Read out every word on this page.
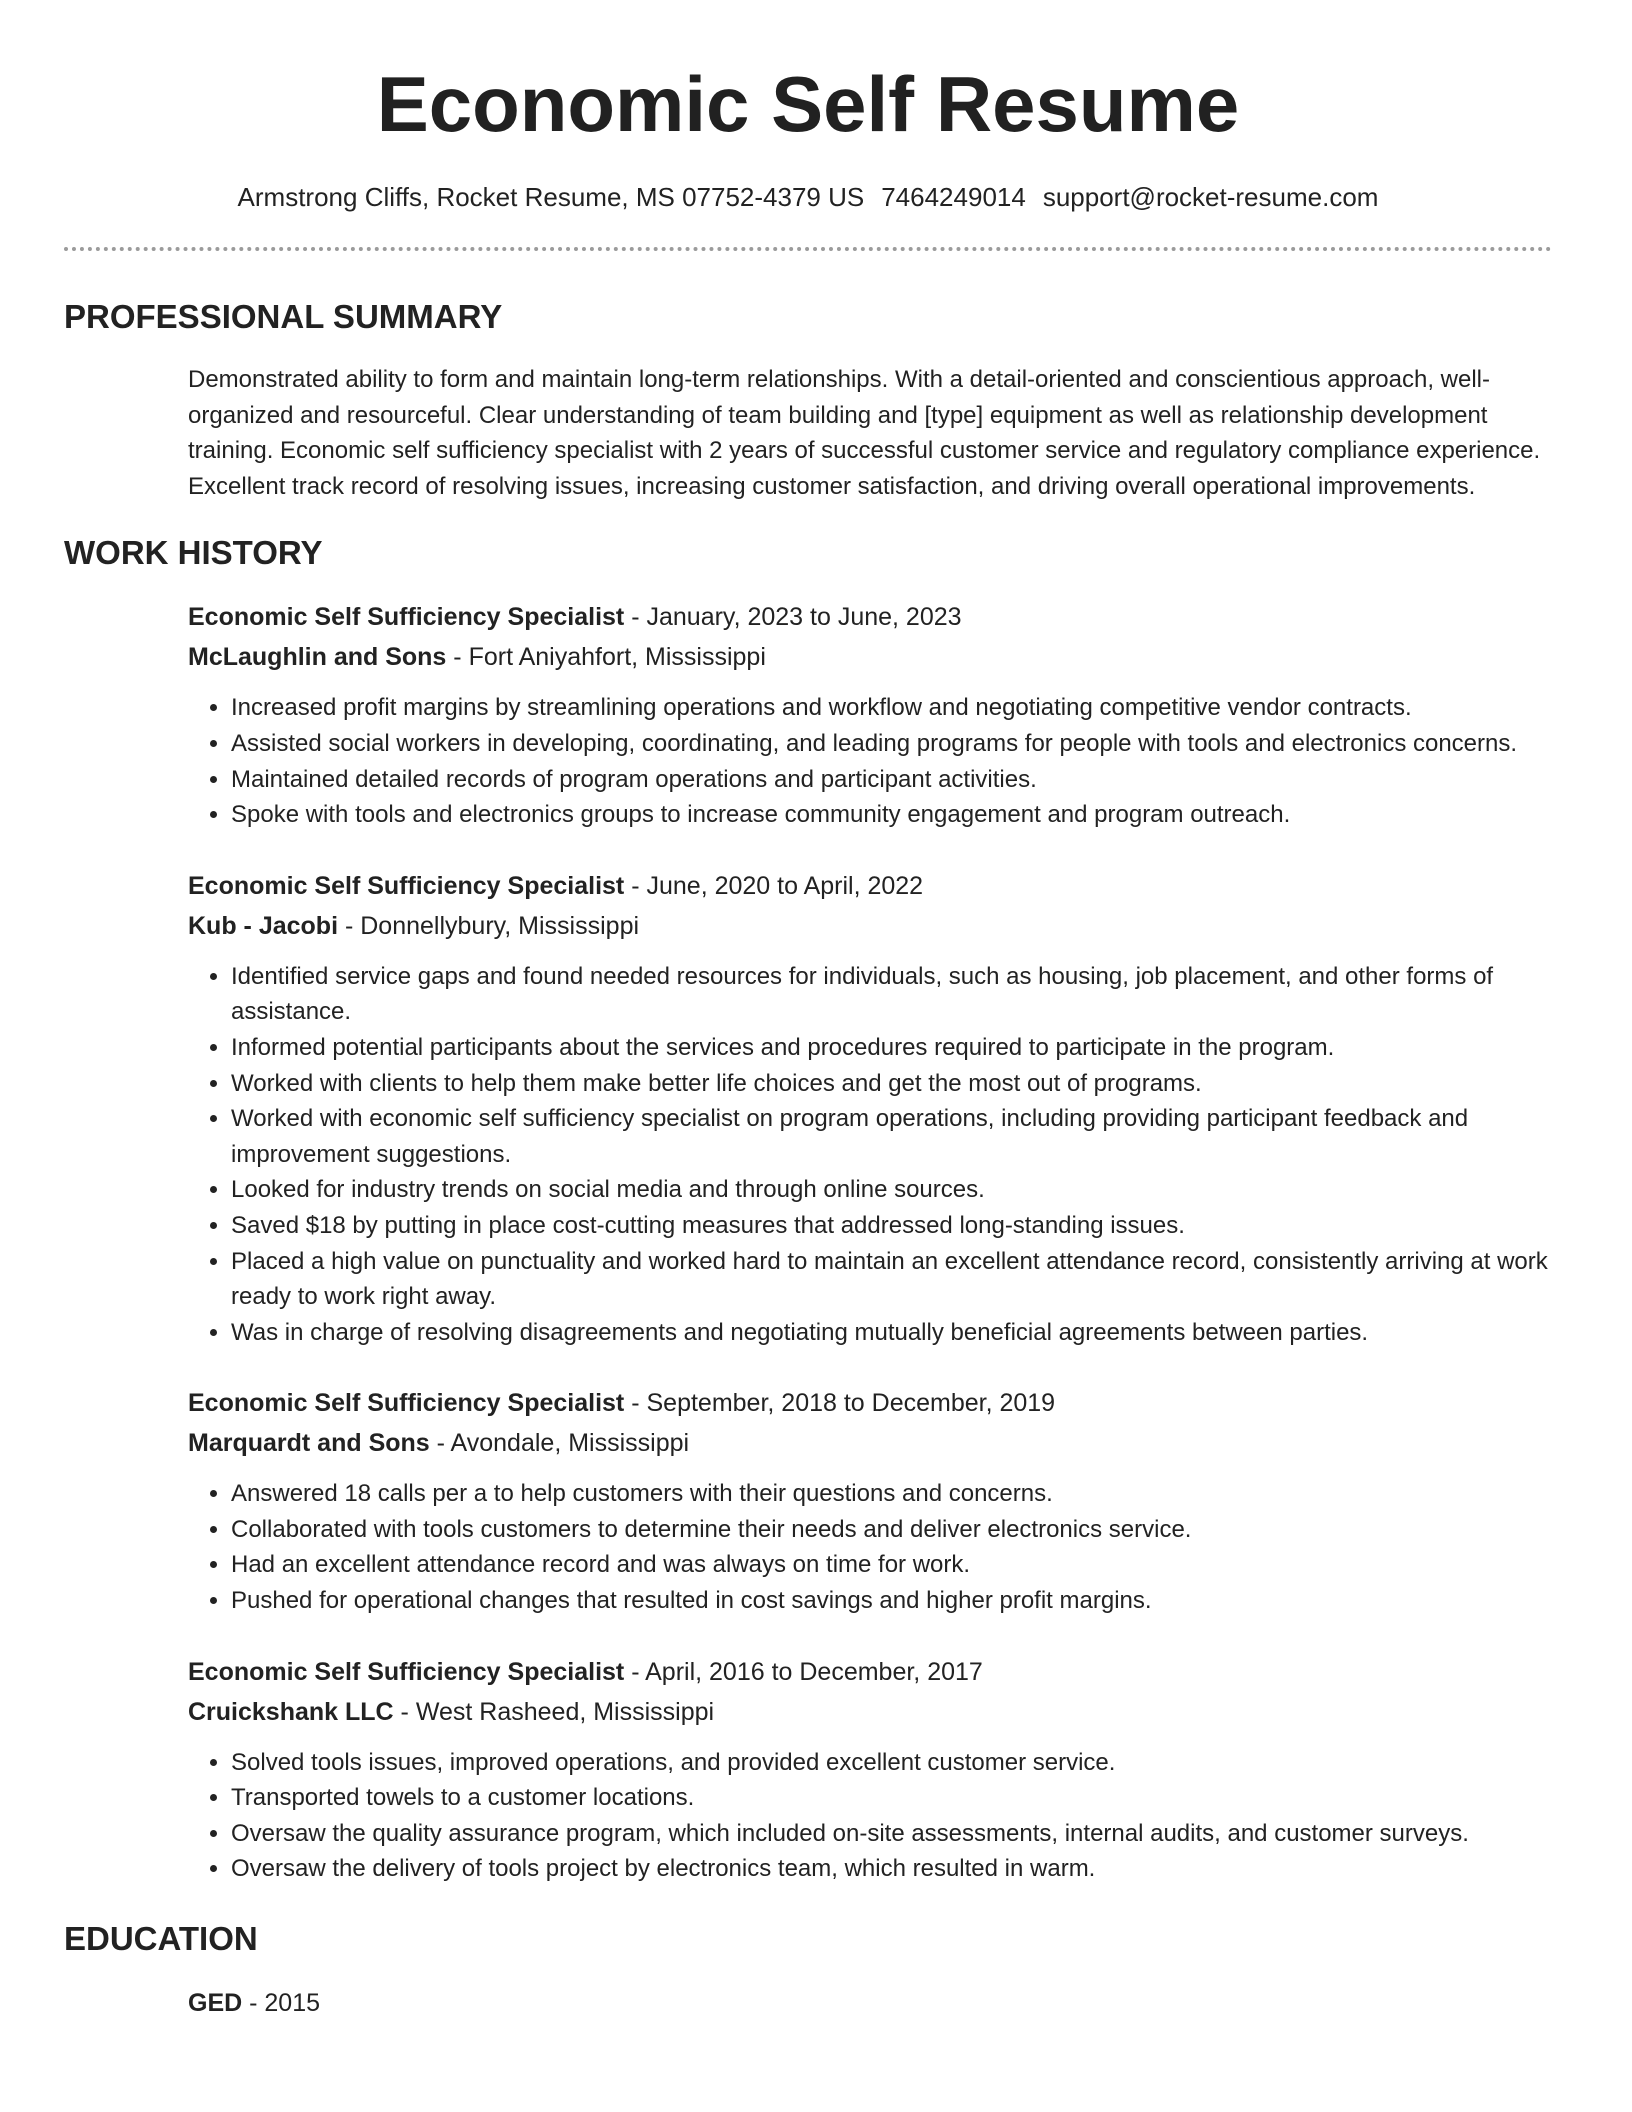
Economic Self Resume
Armstrong Cliffs, Rocket Resume, MS 07752-4379 US 7464249014 support@rocket-resume.com
PROFESSIONAL SUMMARY

Demonstrated ability to form and maintain long-term relationships. With a detail-oriented and conscientious approach, well-organized and resourceful. Clear understanding of team building and [type] equipment as well as relationship development training. Economic self sufficiency specialist with 2 years of successful customer service and regulatory compliance experience. Excellent track record of resolving issues, increasing customer satisfaction, and driving overall operational improvements.

WORK HISTORY
Economic Self Sufficiency Specialist - January, 2023 to June, 2023
McLaughlin and Sons - Fort Aniyahfort, Mississippi
• Increased profit margins by streamlining operations and workflow and negotiating competitive vendor contracts.
• Assisted social workers in developing, coordinating, and leading programs for people with tools and electronics concerns.
• Maintained detailed records of program operations and participant activities.
• Spoke with tools and electronics groups to increase community engagement and program outreach.
Economic Self Sufficiency Specialist - June, 2020 to April, 2022
Kub - Jacobi - Donnellybury, Mississippi
• Identified service gaps and found needed resources for individuals, such as housing, job placement, and other forms of assistance.
• Informed potential participants about the services and procedures required to participate in the program.
• Worked with clients to help them make better life choices and get the most out of programs.
• Worked with economic self sufficiency specialist on program operations, including providing participant feedback and improvement suggestions.
• Looked for industry trends on social media and through online sources.
• Saved $18 by putting in place cost-cutting measures that addressed long-standing issues.
• Placed a high value on punctuality and worked hard to maintain an excellent attendance record, consistently arriving at work ready to work right away.
• Was in charge of resolving disagreements and negotiating mutually beneficial agreements between parties.
Economic Self Sufficiency Specialist - September, 2018 to December, 2019
Marquardt and Sons - Avondale, Mississippi
• Answered 18 calls per a to help customers with their questions and concerns.
• Collaborated with tools customers to determine their needs and deliver electronics service.
• Had an excellent attendance record and was always on time for work.
• Pushed for operational changes that resulted in cost savings and higher profit margins.
Economic Self Sufficiency Specialist - April, 2016 to December, 2017
Cruickshank LLC - West Rasheed, Mississippi
• Solved tools issues, improved operations, and provided excellent customer service.
• Transported towels to a customer locations.
• Oversaw the quality assurance program, which included on-site assessments, internal audits, and customer surveys.
• Oversaw the delivery of tools project by electronics team, which resulted in warm.
EDUCATION
GED - 2015
